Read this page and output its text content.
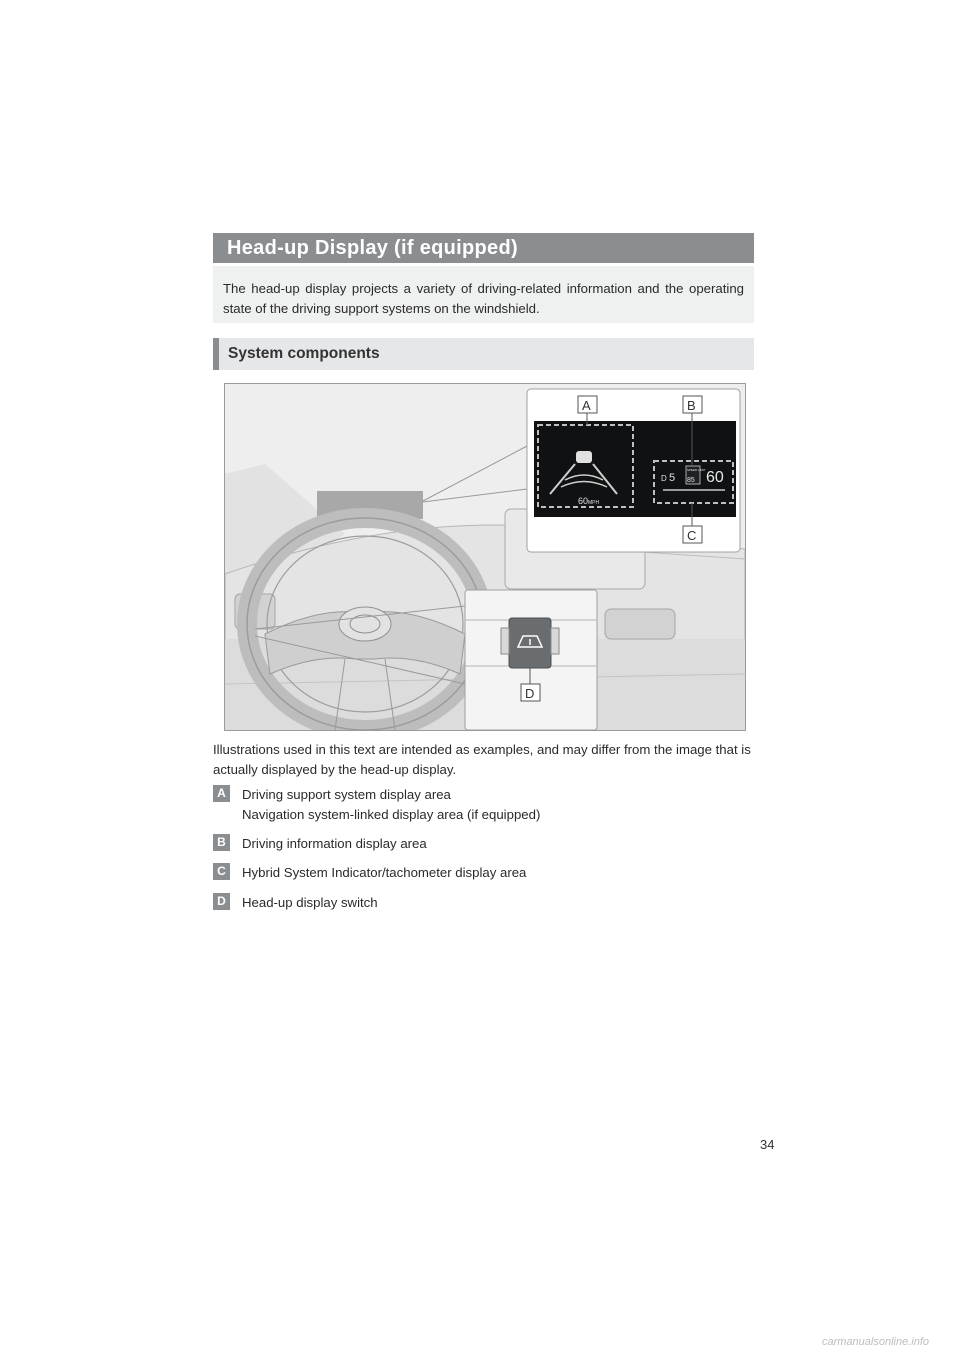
Head-up Display (if equipped)
The head-up display projects a variety of driving-related information and the operating state of the driving support systems on the windshield.
System components
60MPH
D 5
SPEED LIMIT
85 60
A	B
C
D
Illustrations used in this text are intended as examples, and may differ from the image that is actually displayed by the head-up display.
A	Driving support system display area
Navigation system-linked display area (if equipped)
B	Driving information display area
C	Hybrid System Indicator/tachometer display area
D	Head-up display switch
34
carmanualsonline.info
